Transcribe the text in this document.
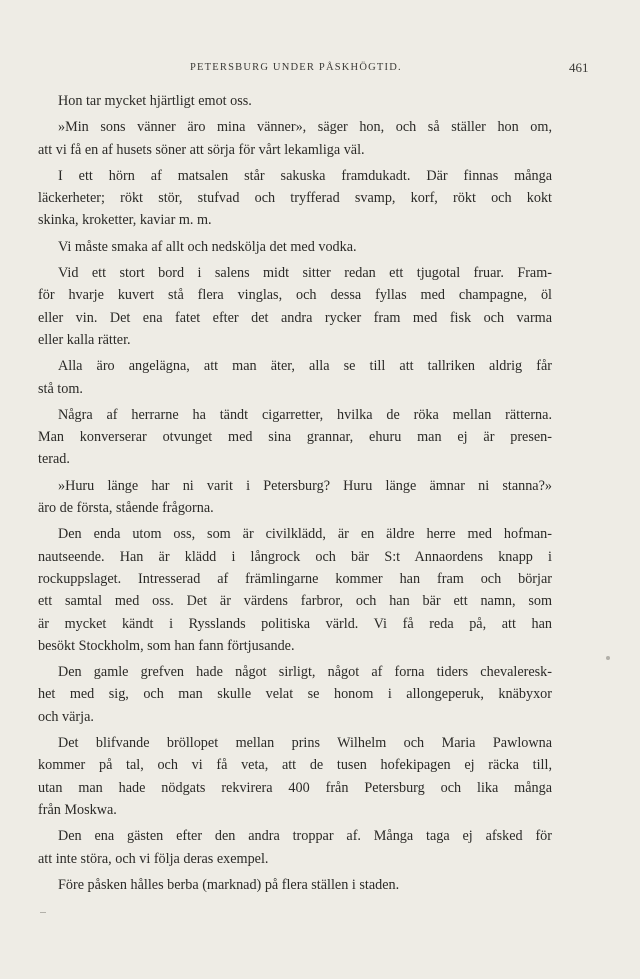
PETERSBURG UNDER PÅSKHÖGTID.	461

Hon tar mycket hjärtligt emot oss.

»Min sons vänner äro mina vänner», säger hon, och så ställer hon om,
att vi få en af husets söner att sörja för vårt lekamliga väl.

I ett hörn af matsalen står sakuska framdukadt. Där finnas många
läckerheter; rökt stör, stufvad och tryfferad svamp, korf, rökt och kokt
skinka, kroketter, kaviar m. m.

Vi måste smaka af allt och nedskölja det med vodka.

Vid ett stort bord i salens midt sitter redan ett tjugotal fruar. Fram-
för hvarje kuvert stå flera vinglas, och dessa fyllas med champagne, öl
eller vin. Det ena fatet efter det andra rycker fram med fisk och varma
eller kalla rätter.

Alla äro angelägna, att man äter, alla se till att tallriken aldrig får
stå tom.

Några af herrarne ha tändt cigarretter, hvilka de röka mellan rätterna.
Man konverserar otvunget med sina grannar, ehuru man ej är presen-
terad.

»Huru länge har ni varit i Petersburg? Huru länge ämnar ni stanna?»
äro de första, stående frågorna.

Den enda utom oss, som är civilklädd, är en äldre herre med hofman-
nautseende. Han är klädd i långrock och bär S:t Annaordens knapp i
rockuppslaget. Intresserad af främlingarne kommer han fram och börjar
ett samtal med oss. Det är värdens farbror, och han bär ett namn, som
är mycket kändt i Rysslands politiska värld. Vi få reda på, att han
besökt Stockholm, som han fann förtjusande.

Den gamle grefven hade något sirligt, något af forna tiders chevaleresk-
het med sig, och man skulle velat se honom i allongeperuk, knäbyxor
och värja.

Det blifvande bröllopet mellan prins Wilhelm och Maria Pawlowna
kommer på tal, och vi få veta, att de tusen hofekipagen ej räcka till,
utan man hade nödgats rekvirera 400 från Petersburg och lika många
från Moskwa.

Den ena gästen efter den andra troppar af. Många taga ej afsked för
att inte störa, och vi följa deras exempel.

Före påsken hålles berba (marknad) på flera ställen i staden.
